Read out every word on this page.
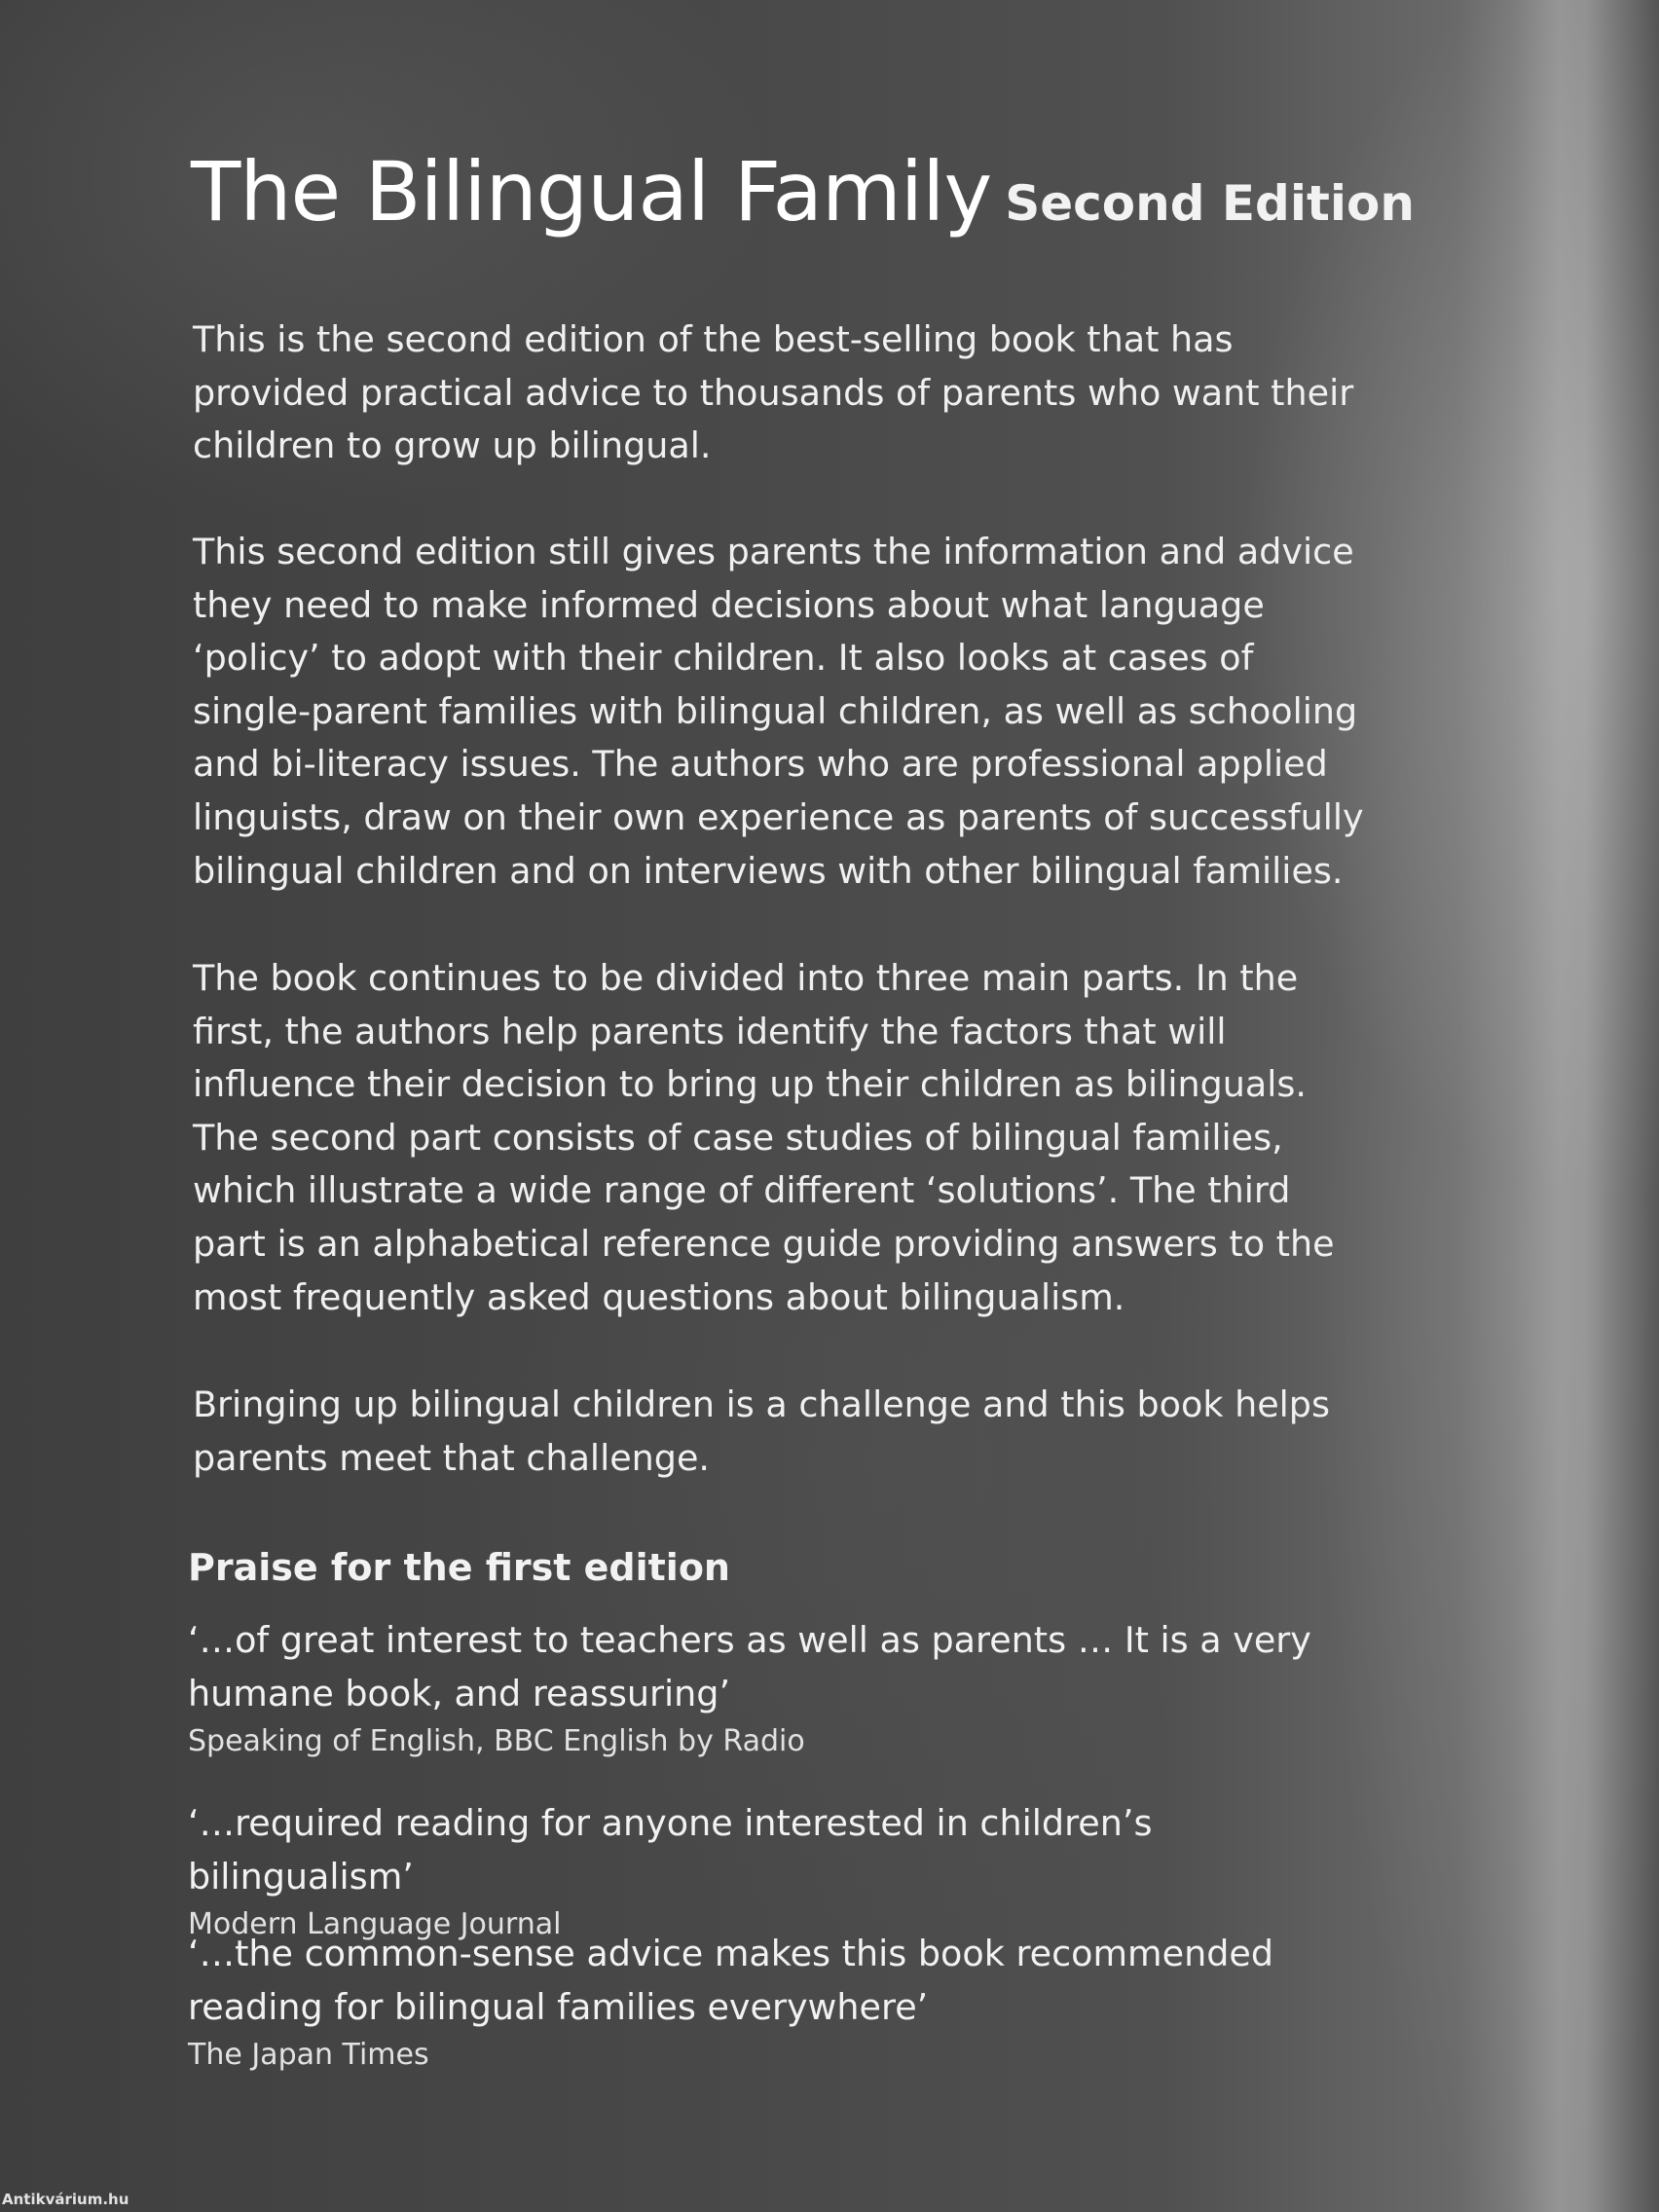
The Bilingual Family Second Edition

This is the second edition of the best-selling book that has provided practical advice to thousands of parents who want their children to grow up bilingual.

This second edition still gives parents the information and advice they need to make informed decisions about what language ‘policy’ to adopt with their children. It also looks at cases of single-parent families with bilingual children, as well as schooling and bi-literacy issues. The authors who are professional applied linguists, draw on their own experience as parents of successfully bilingual children and on interviews with other bilingual families.

The book continues to be divided into three main parts. In the first, the authors help parents identify the factors that will influence their decision to bring up their children as bilinguals. The second part consists of case studies of bilingual families, which illustrate a wide range of different ‘solutions’. The third part is an alphabetical reference guide providing answers to the most frequently asked questions about bilingualism.

Bringing up bilingual children is a challenge and this book helps parents meet that challenge.

Praise for the first edition
‘…of great interest to teachers as well as parents … It is a very humane book, and reassuring’
Speaking of English, BBC English by Radio
‘…required reading for anyone interested in children’s bilingualism’
Modern Language Journal
‘…the common-sense advice makes this book recommended reading for bilingual families everywhere’
The Japan Times
Antikvárium.hu
